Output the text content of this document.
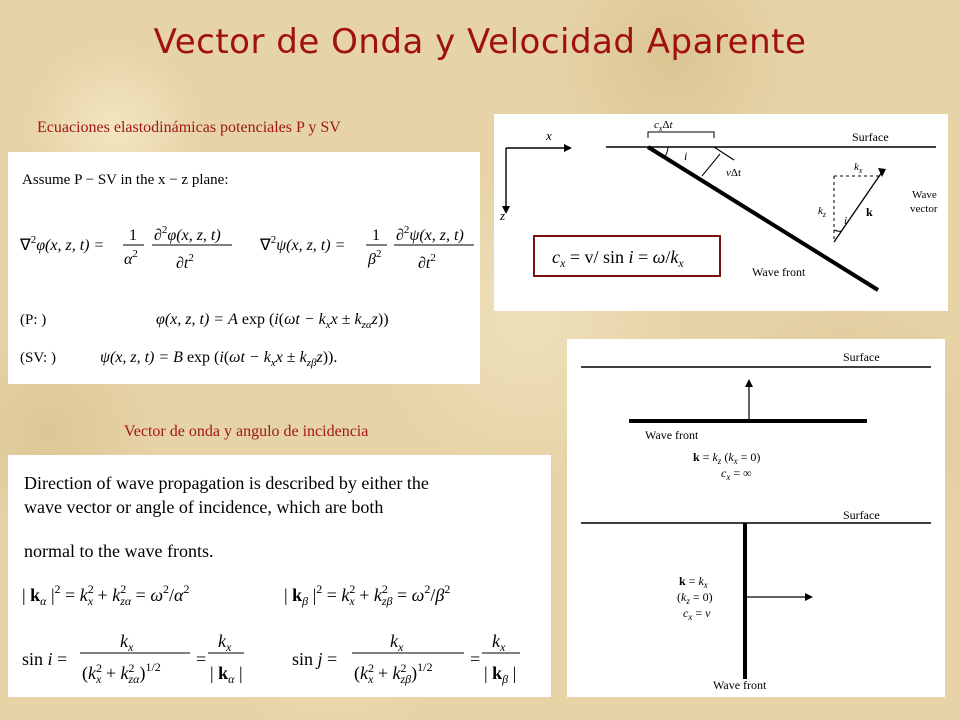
Vector de Onda y Velocidad Aparente
Ecuaciones elastodinámicas potenciales P y SV
Vector de onda y angulo de incidencia
Assume P − SV in the x − z plane:
∇$^2$φ(x, z, t) =
1
$\alpha^2$
∂$^2$φ(x, z, t)
$\partial t^2$
∇$^2$ψ(x, z, t) =
1
$\beta^2$
∂$^2$ψ(x, z, t)
$\partial t^2$
(P: )	φ(x, z, t) = A $\exp (i(\omega t - k_xx \pm k_{z\alpha}z))$
(SV: )	ψ(x, z, t) = B $\exp (i(\omega t - k_xx \pm k_{z\beta}z))$.
Direction of wave propagation is described by either the
wave vector or angle of incidence, which are both
normal to the wave fronts.
| $k_\alpha$ $|^2 = k^2$ $x + k^2$ $z\alpha = \omega^2/\alpha^2$	| $k_\beta$ $|^2 = k^2$ $x + k^2$ $z\beta = \omega^2/\beta^2$
sin i =
$k_x$
($k^2$ $x + k^2$ zα)$^{1/2}$ =
$k_x$
| $k_\alpha$ |
sin j =
$k_x$
($k^2$ $x + k^2$ zβ)$^{1/2}$ =
$k_x$
| $k_\beta$ |
x
z
Surface
$c_x\Delta t$
Wave front
vΔt
i
$k_x$
$k_z$	k
i
Wave
vector
$c_x = v/$ $\sin i = \omega/k_x$
Surface
Wave front
$k = k_z$ $(k_x = 0)$
$c_x$ = ∞
Surface
$k = k_x$
$(k_z = 0)$
$c_x = v$
Wave front
